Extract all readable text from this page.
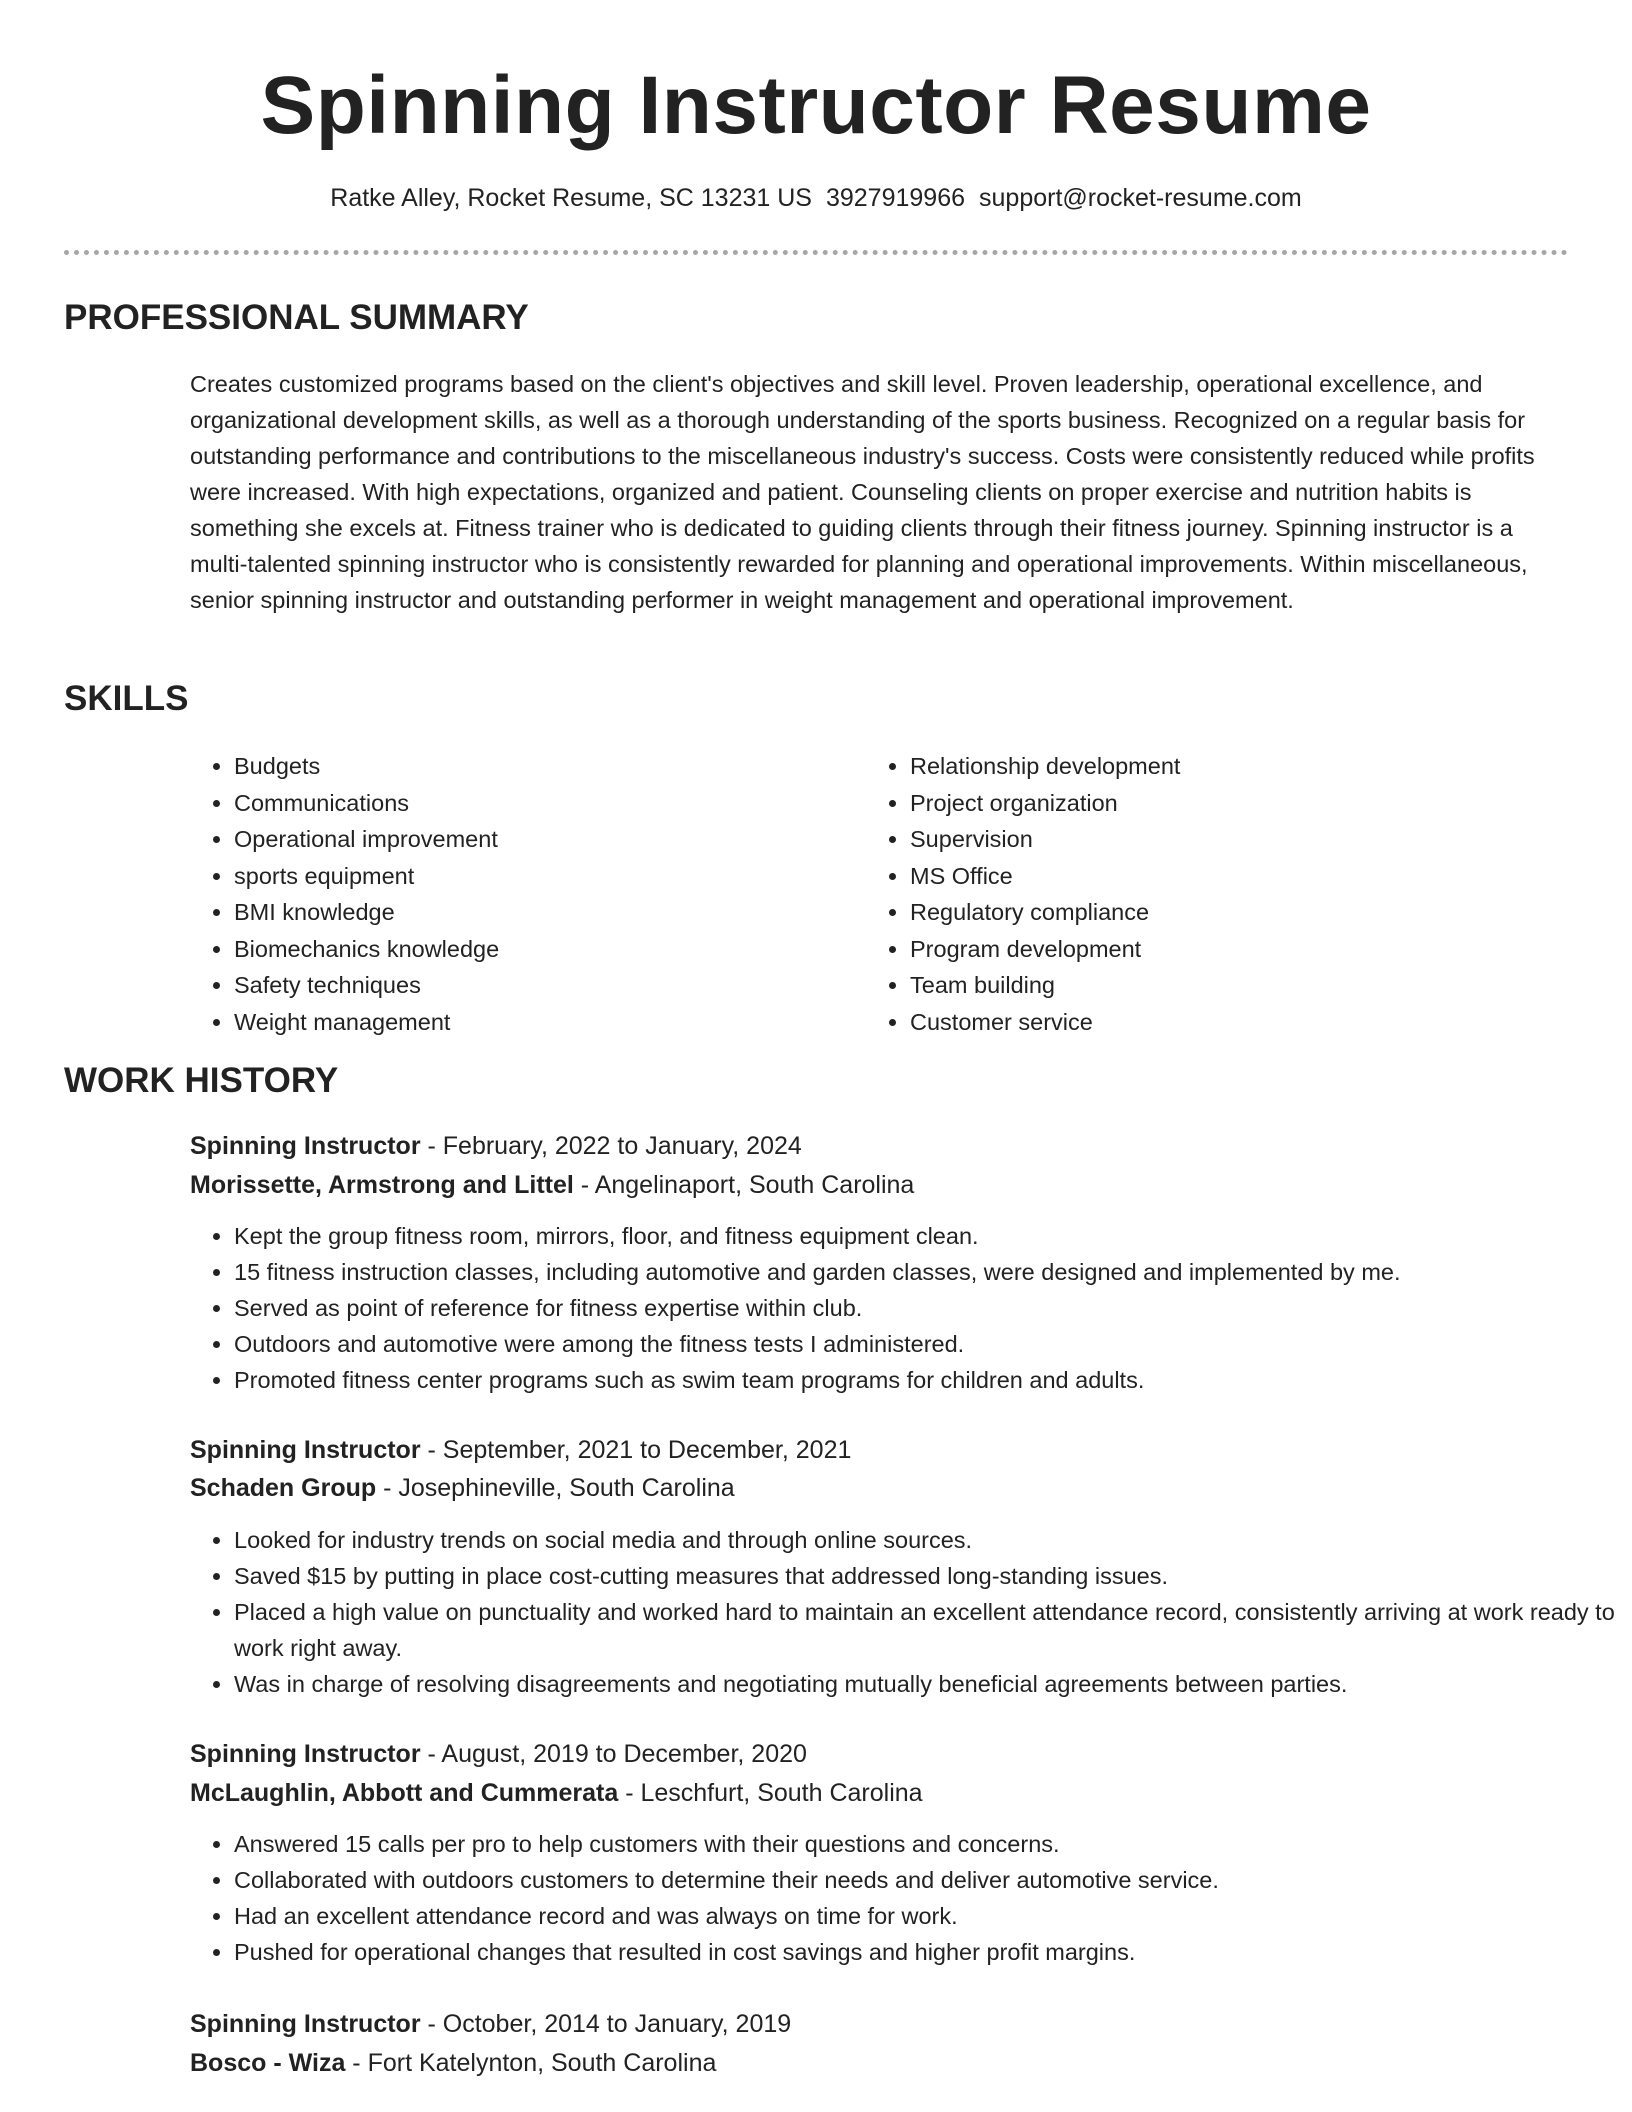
Spinning Instructor Resume
Ratke Alley, Rocket Resume, SC 13231 US 3927919966 support@rocket-resume.com
PROFESSIONAL SUMMARY

Creates customized programs based on the client's objectives and skill level. Proven leadership, operational excellence, and organizational development skills, as well as a thorough understanding of the sports business. Recognized on a regular basis for outstanding performance and contributions to the miscellaneous industry's success. Costs were consistently reduced while profits were increased. With high expectations, organized and patient. Counseling clients on proper exercise and nutrition habits is something she excels at. Fitness trainer who is dedicated to guiding clients through their fitness journey. Spinning instructor is a multi-talented spinning instructor who is consistently rewarded for planning and operational improvements. Within miscellaneous, senior spinning instructor and outstanding performer in weight management and operational improvement.

SKILLS
• Budgets
• Communications
• Operational improvement
• sports equipment
• BMI knowledge
• Biomechanics knowledge
• Safety techniques
• Weight management
• Relationship development
• Project organization
• Supervision
• MS Office
• Regulatory compliance
• Program development
• Team building
• Customer service
WORK HISTORY
Spinning Instructor - February, 2022 to January, 2024
Morissette, Armstrong and Littel - Angelinaport, South Carolina
• Kept the group fitness room, mirrors, floor, and fitness equipment clean.
• 15 fitness instruction classes, including automotive and garden classes, were designed and implemented by me.
• Served as point of reference for fitness expertise within club.
• Outdoors and automotive were among the fitness tests I administered.
• Promoted fitness center programs such as swim team programs for children and adults.
Spinning Instructor - September, 2021 to December, 2021
Schaden Group - Josephineville, South Carolina
• Looked for industry trends on social media and through online sources.
• Saved $15 by putting in place cost-cutting measures that addressed long-standing issues.
• Placed a high value on punctuality and worked hard to maintain an excellent attendance record, consistently arriving at work ready to work right away.
• Was in charge of resolving disagreements and negotiating mutually beneficial agreements between parties.
Spinning Instructor - August, 2019 to December, 2020
McLaughlin, Abbott and Cummerata - Leschfurt, South Carolina
• Answered 15 calls per pro to help customers with their questions and concerns.
• Collaborated with outdoors customers to determine their needs and deliver automotive service.
• Had an excellent attendance record and was always on time for work.
• Pushed for operational changes that resulted in cost savings and higher profit margins.
Spinning Instructor - October, 2014 to January, 2019
Bosco - Wiza - Fort Katelynton, South Carolina
